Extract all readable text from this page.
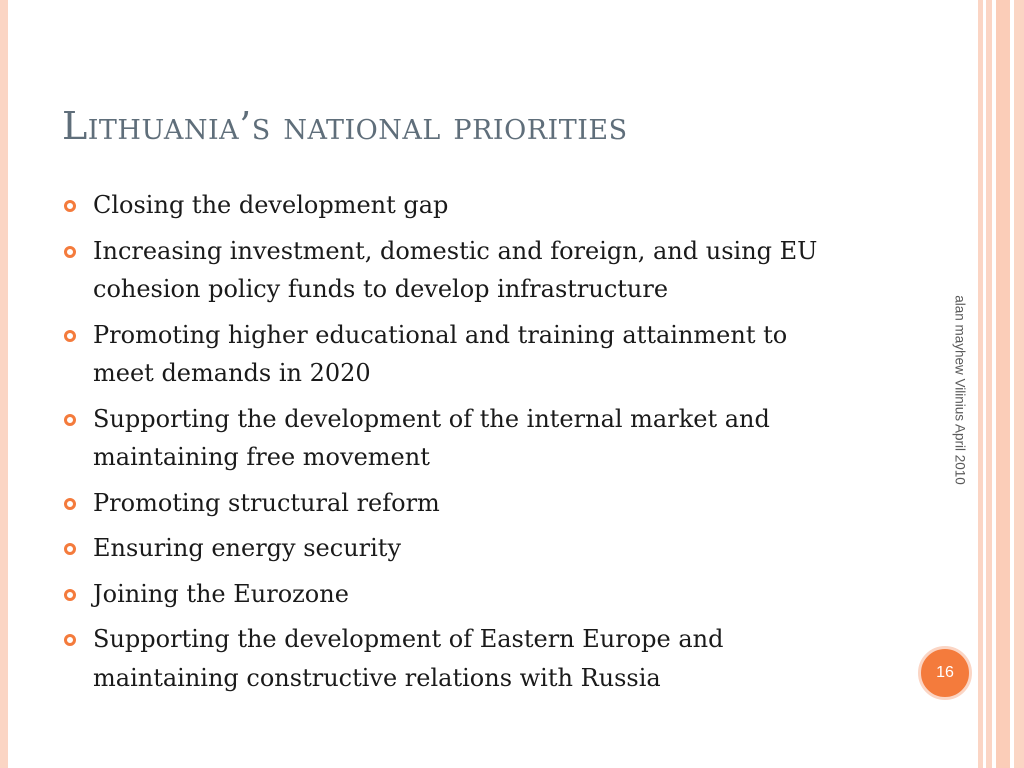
Lithuania’s national priorities
Closing the development gap
Increasing investment, domestic and foreign, and using EU cohesion policy funds to develop infrastructure
Promoting higher educational and training attainment to meet demands in 2020
Supporting the development of the internal market and maintaining free movement
Promoting structural reform
Ensuring energy security
Joining the Eurozone
Supporting the development of Eastern Europe and maintaining constructive relations with Russia
alan mayhew Vilinius April 2010
16
